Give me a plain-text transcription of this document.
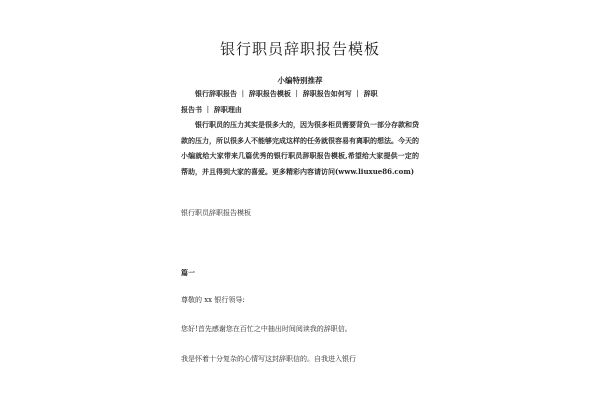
银行职员辞职报告模板
小编特别推荐

银行辞职报告 ｜ 辞职报告模板 ｜ 辞职报告如何写 ｜ 辞职

报告书 ｜ 辞职理由

银行职员的压力其实是很多大的，因为很多柜员需要背负一部分存款和贷款的压力，所以很多人不能够完成这样的任务就很容易有离职的想法。今天的小编就给大家带来几篇优秀的银行职员辞职报告模板,希望给大家提供一定的帮助，并且得到大家的喜爱。更多精彩内容请访问(www.liuxue86.com)

银行职员辞职报告模板
篇一
尊敬的 xx 银行领导:
您好!首先感谢您在百忙之中抽出时间阅读我的辞职信。
我是怀着十分复杂的心情写这封辞职信的。自我进入银行
